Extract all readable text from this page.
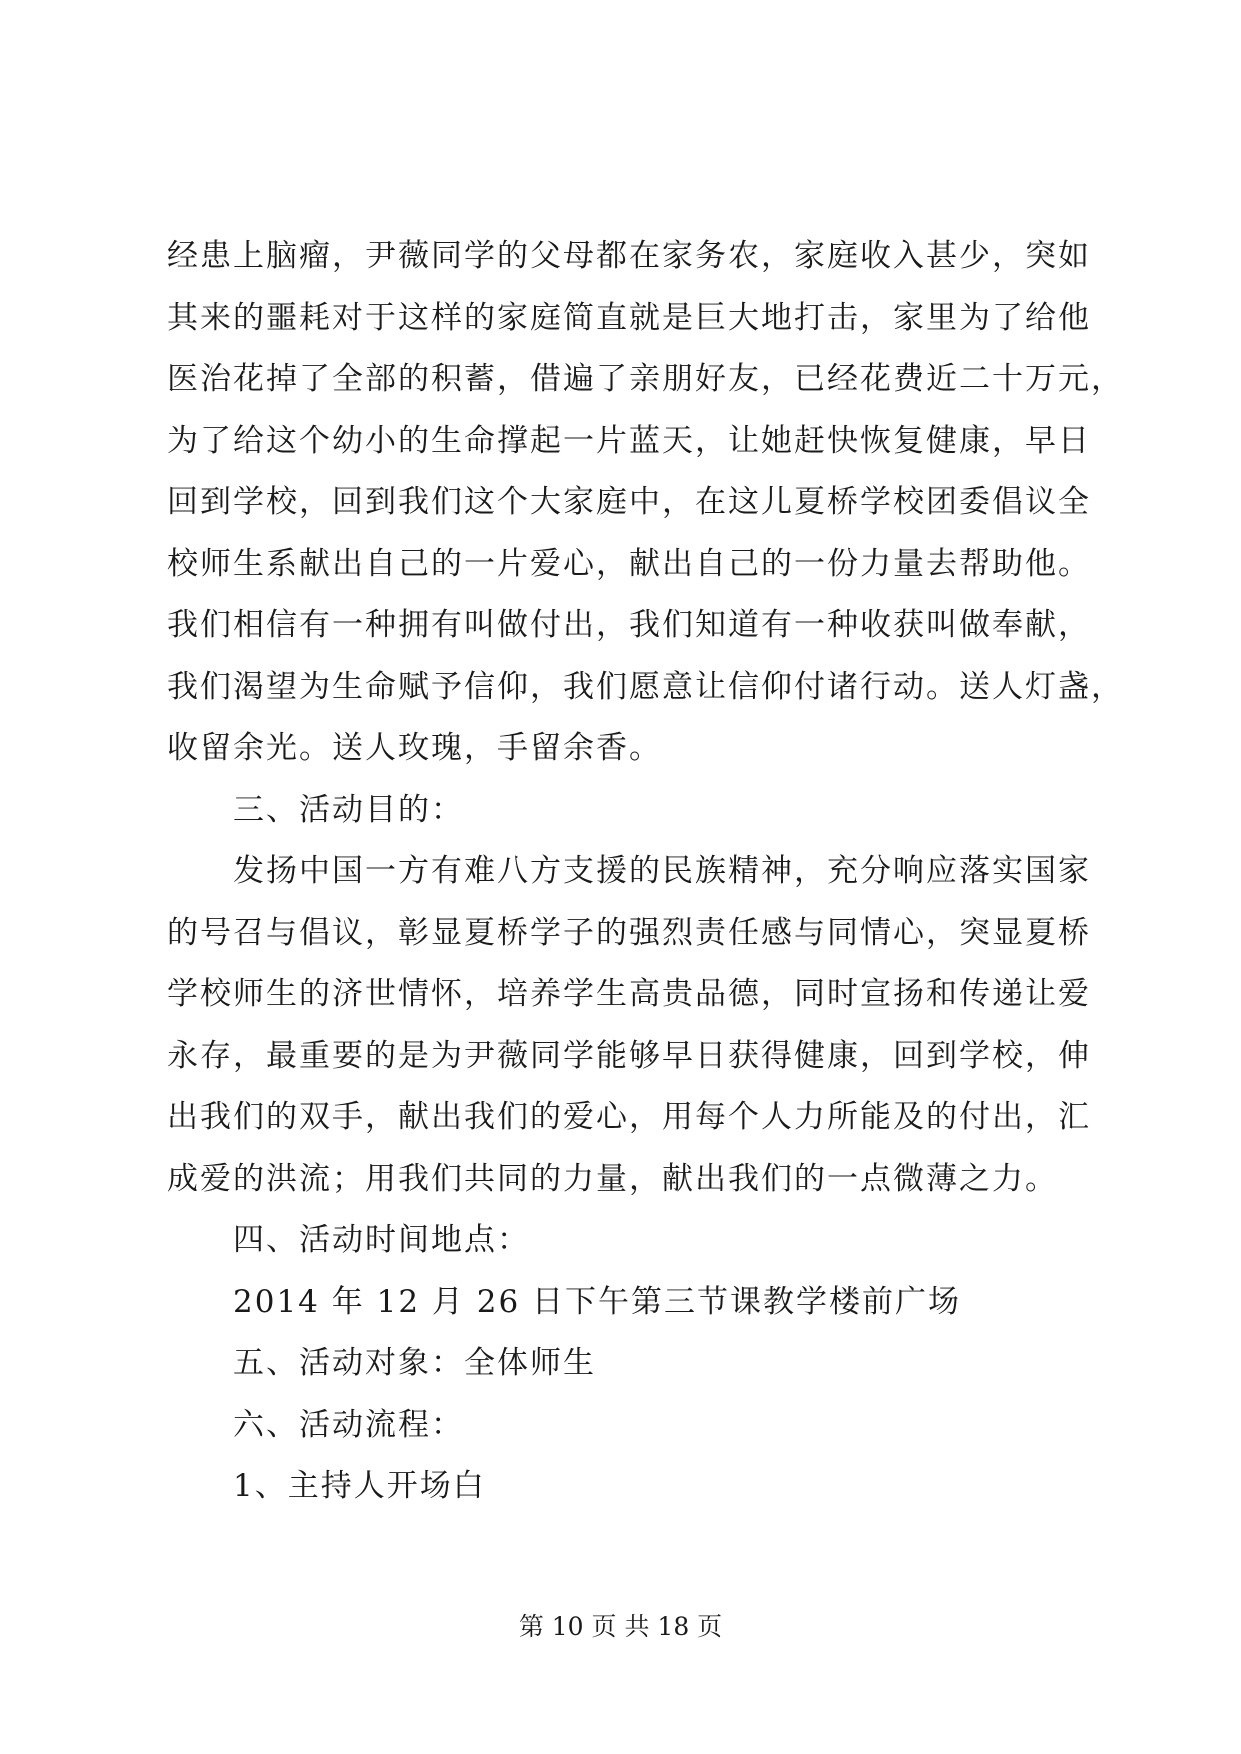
经患上脑瘤，尹薇同学的父母都在家务农，家庭收入甚少，突如
其来的噩耗对于这样的家庭简直就是巨大地打击，家里为了给他
医治花掉了全部的积蓄，借遍了亲朋好友，已经花费近二十万元，
为了给这个幼小的生命撑起一片蓝天，让她赶快恢复健康，早日
回到学校，回到我们这个大家庭中，在这儿夏桥学校团委倡议全
校师生系献出自己的一片爱心，献出自己的一份力量去帮助他。
我们相信有一种拥有叫做付出，我们知道有一种收获叫做奉献，
我们渴望为生命赋予信仰，我们愿意让信仰付诸行动。送人灯盏，
收留余光。送人玫瑰，手留余香。
三、活动目的：
发扬中国一方有难八方支援的民族精神，充分响应落实国家
的号召与倡议，彰显夏桥学子的强烈责任感与同情心，突显夏桥
学校师生的济世情怀，培养学生高贵品德，同时宣扬和传递让爱
永存，最重要的是为尹薇同学能够早日获得健康，回到学校，伸
出我们的双手，献出我们的爱心，用每个人力所能及的付出，汇
成爱的洪流；用我们共同的力量，献出我们的一点微薄之力。
四、活动时间地点：
2014 年 12 月 26 日下午第三节课教学楼前广场
五、活动对象：全体师生
六、活动流程：
1、主持人开场白
第 10 页 共 18 页
